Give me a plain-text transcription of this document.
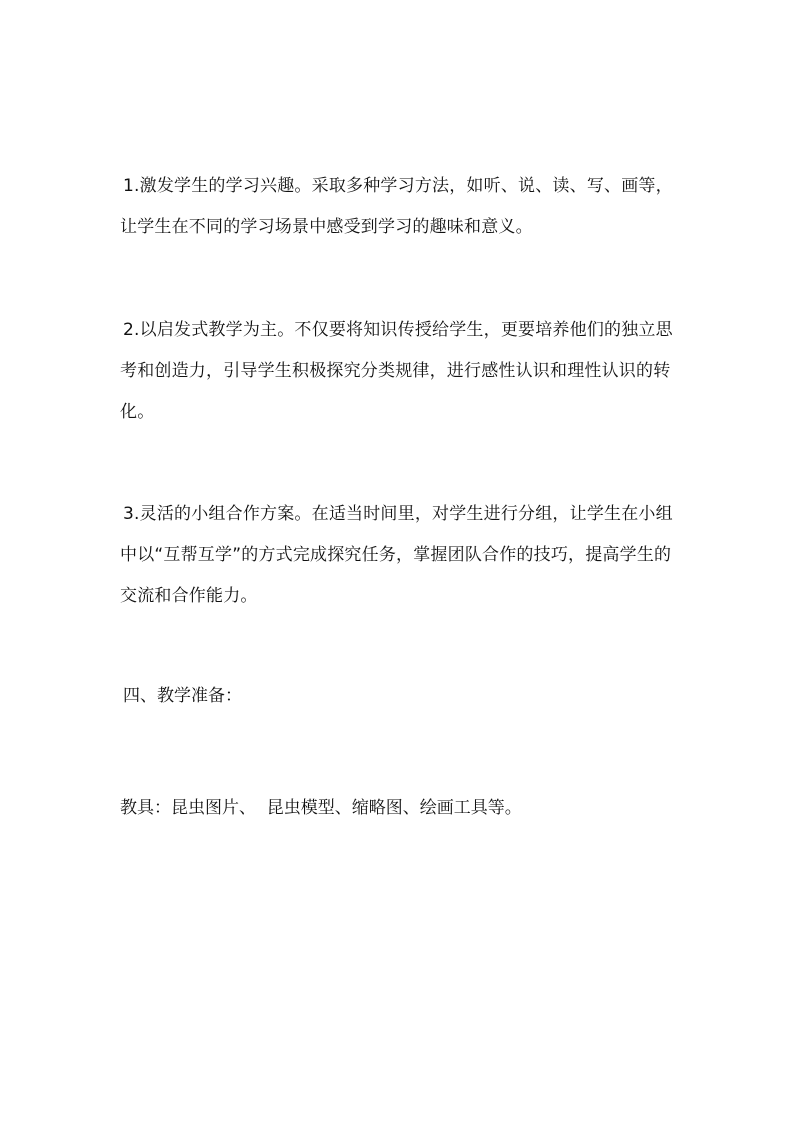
1.激发学生的学习兴趣。采取多种学习方法，如听、说、读、写、画等，让学生在不同的学习场景中感受到学习的趣味和意义。

2.以启发式教学为主。不仅要将知识传授给学生，更要培养他们的独立思考和创造力，引导学生积极探究分类规律，进行感性认识和理性认识的转化。

3.灵活的小组合作方案。在适当时间里，对学生进行分组，让学生在小组中以“互帮互学”的方式完成探究任务，掌握团队合作的技巧，提高学生的交流和合作能力。

四、教学准备：

教具：昆虫图片、  昆虫模型、缩略图、绘画工具等。
